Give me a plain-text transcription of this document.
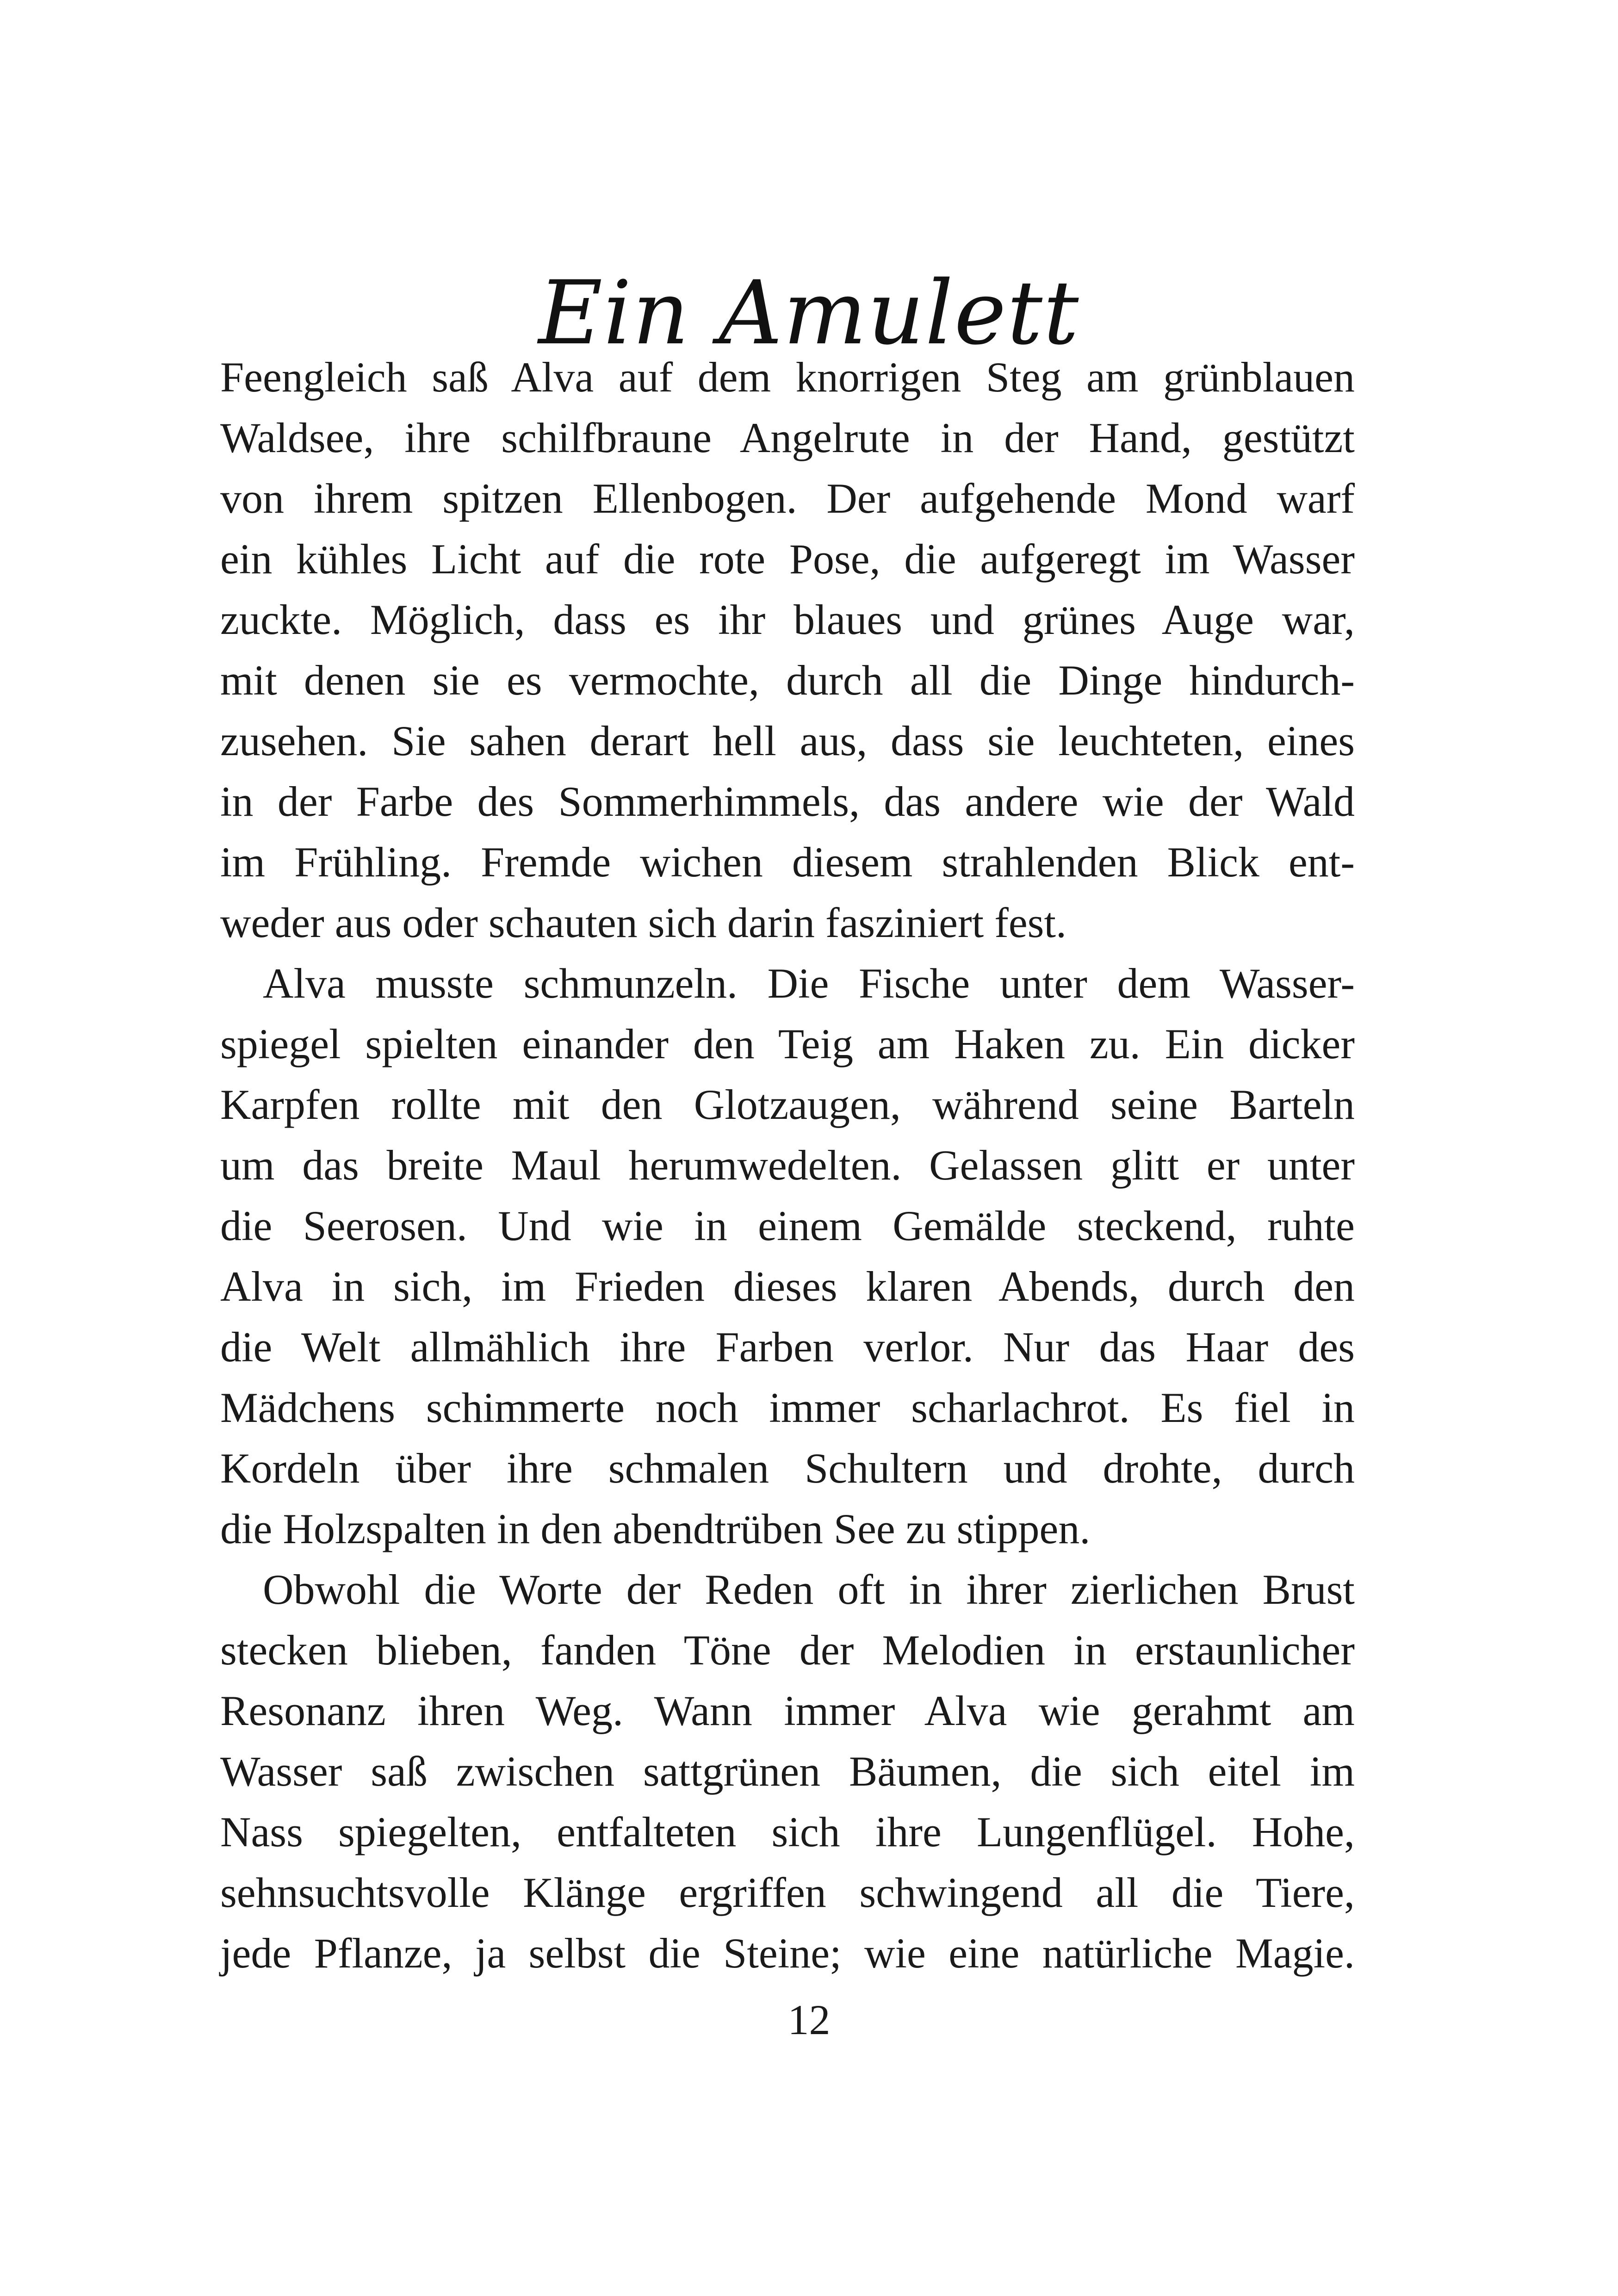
Ein Amulett

Feengleich saß Alva auf dem knorrigen Steg am grünblauen
Waldsee, ihre schilfbraune Angelrute in der Hand, gestützt
von ihrem spitzen Ellenbogen. Der aufgehende Mond warf
ein kühles Licht auf die rote Pose, die aufgeregt im Wasser
zuckte. Möglich, dass es ihr blaues und grünes Auge war,
mit denen sie es vermochte, durch all die Dinge hindurch-
zusehen. Sie sahen derart hell aus, dass sie leuchteten, eines
in der Farbe des Sommerhimmels, das andere wie der Wald
im Frühling. Fremde wichen diesem strahlenden Blick ent-
weder aus oder schauten sich darin fasziniert fest.

Alva musste schmunzeln. Die Fische unter dem Wasser-
spiegel spielten einander den Teig am Haken zu. Ein dicker
Karpfen rollte mit den Glotzaugen, während seine Barteln
um das breite Maul herumwedelten. Gelassen glitt er unter
die Seerosen. Und wie in einem Gemälde steckend, ruhte
Alva in sich, im Frieden dieses klaren Abends, durch den
die Welt allmählich ihre Farben verlor. Nur das Haar des
Mädchens schimmerte noch immer scharlachrot. Es fiel in
Kordeln über ihre schmalen Schultern und drohte, durch
die Holzspalten in den abendtrüben See zu stippen.

Obwohl die Worte der Reden oft in ihrer zierlichen Brust
stecken blieben, fanden Töne der Melodien in erstaunlicher
Resonanz ihren Weg. Wann immer Alva wie gerahmt am
Wasser saß zwischen sattgrünen Bäumen, die sich eitel im
Nass spiegelten, entfalteten sich ihre Lungenflügel. Hohe,
sehnsuchtsvolle Klänge ergriffen schwingend all die Tiere,
jede Pflanze, ja selbst die Steine; wie eine natürliche Magie.

12
